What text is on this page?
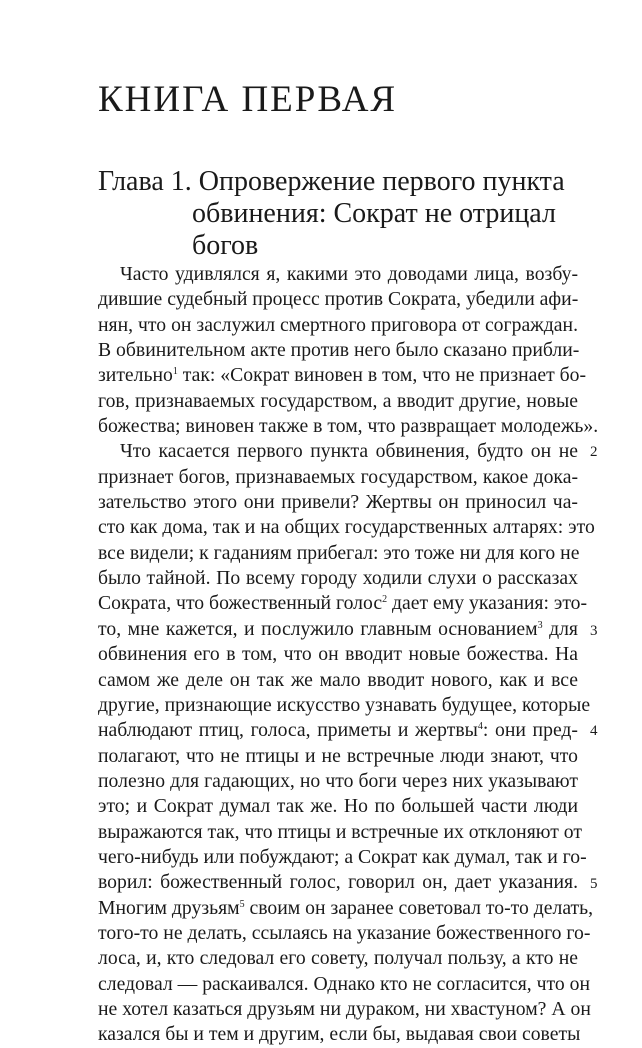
КНИГА ПЕРВАЯ
Глава 1. Опровержение первого пункта
обвинения: Сократ не отрицал
богов
Часто удивлялся я, какими это доводами лица, возбу-
дившие судебный процесс против Сократа, убедили афи-
нян, что он заслужил смертного приговора от сограждан.
В обвинительном акте против него было сказано прибли-
зительно$^1$ так: «Сократ виновен в том, что не признает бо-
гов, признаваемых государством, а вводит другие, новые
божества; виновен также в том, что развращает молодежь».
Что касается первого пункта обвинения, будто он не
признает богов, признаваемых государством, какое дока-
зательство этого они привели? Жертвы он приносил ча-
сто как дома, так и на общих государственных алтарях: это
все видели; к гаданиям прибегал: это тоже ни для кого не
было тайной. По всему городу ходили слухи о рассказах
Сократа, что божественный голос$^2$ дает ему указания: это-
то, мне кажется, и послужило главным основанием$^3$ для
обвинения его в том, что он вводит новые божества. На
самом же деле он так же мало вводит нового, как и все
другие, признающие искусство узнавать будущее, которые
наблюдают птиц, голоса, приметы и жертвы$^4$: они пред-
полагают, что не птицы и не встречные люди знают, что
полезно для гадающих, но что боги через них указывают
это; и Сократ думал так же. Но по большей части люди
выражаются так, что птицы и встречные их отклоняют от
чего-нибудь или побуждают; а Сократ как думал, так и го-
ворил: божественный голос, говорил он, дает указания.
Многим друзьям$^5$ своим он заранее советовал то-то делать,
того-то не делать, ссылаясь на указание божественного го-
лоса, и, кто следовал его совету, получал пользу, а кто не
следовал — раскаивался. Однако кто не согласится, что он
не хотел казаться друзьям ни дураком, ни хвастуном? А он
казался бы и тем и другим, если бы, выдавая свои советы
2
3
4
5
